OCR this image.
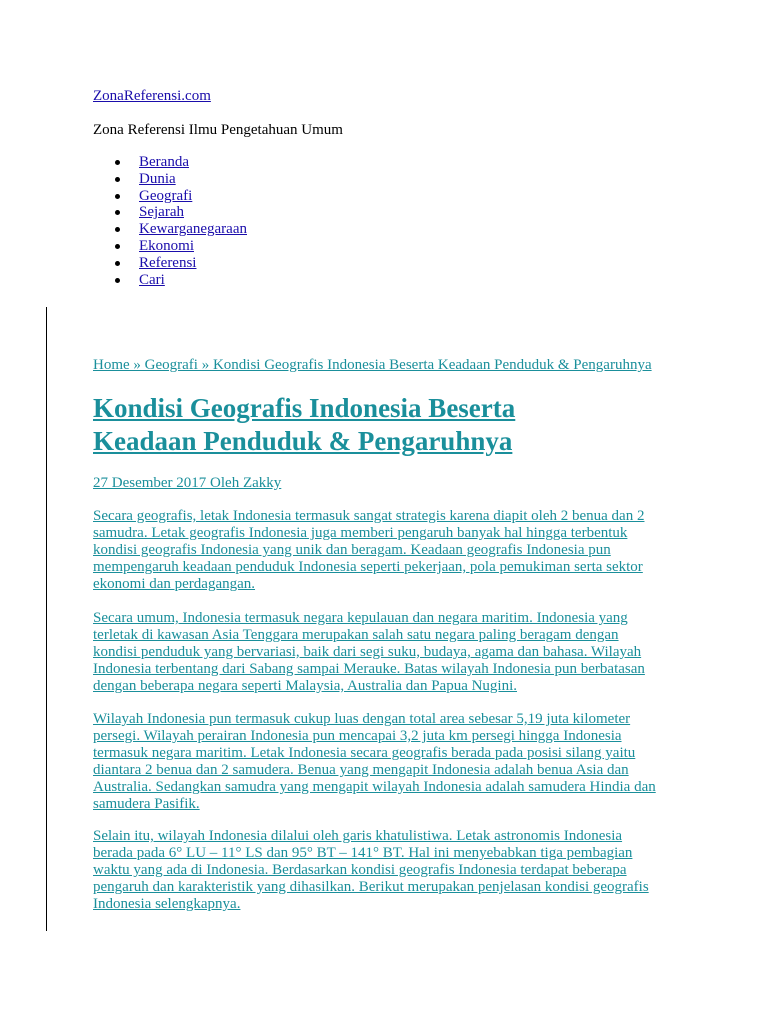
ZonaReferensi.com
Zona Referensi Ilmu Pengetahuan Umum
Beranda
Dunia
Geografi
Sejarah
Kewarganegaraan
Ekonomi
Referensi
Cari
Home » Geografi » Kondisi Geografis Indonesia Beserta Keadaan Penduduk & Pengaruhnya
Kondisi Geografis Indonesia Beserta
Keadaan Penduduk & Pengaruhnya
27 Desember 2017 Oleh Zakky

Secara geografis, letak Indonesia termasuk sangat strategis karena diapit oleh 2 benua dan 2
samudra. Letak geografis Indonesia juga memberi pengaruh banyak hal hingga terbentuk
kondisi geografis Indonesia yang unik dan beragam. Keadaan geografis Indonesia pun
mempengaruh keadaan penduduk Indonesia seperti pekerjaan, pola pemukiman serta sektor
ekonomi dan perdagangan.

Secara umum, Indonesia termasuk negara kepulauan dan negara maritim. Indonesia yang
terletak di kawasan Asia Tenggara merupakan salah satu negara paling beragam dengan
kondisi penduduk yang bervariasi, baik dari segi suku, budaya, agama dan bahasa. Wilayah
Indonesia terbentang dari Sabang sampai Merauke. Batas wilayah Indonesia pun berbatasan
dengan beberapa negara seperti Malaysia, Australia dan Papua Nugini.

Wilayah Indonesia pun termasuk cukup luas dengan total area sebesar 5,19 juta kilometer
persegi. Wilayah perairan Indonesia pun mencapai 3,2 juta km persegi hingga Indonesia
termasuk negara maritim. Letak Indonesia secara geografis berada pada posisi silang yaitu
diantara 2 benua dan 2 samudera. Benua yang mengapit Indonesia adalah benua Asia dan
Australia. Sedangkan samudra yang mengapit wilayah Indonesia adalah samudera Hindia dan
samudera Pasifik.

Selain itu, wilayah Indonesia dilalui oleh garis khatulistiwa. Letak astronomis Indonesia
berada pada 6° LU – 11° LS dan 95° BT – 141° BT. Hal ini menyebabkan tiga pembagian
waktu yang ada di Indonesia. Berdasarkan kondisi geografis Indonesia terdapat beberapa
pengaruh dan karakteristik yang dihasilkan. Berikut merupakan penjelasan kondisi geografis
Indonesia selengkapnya.
